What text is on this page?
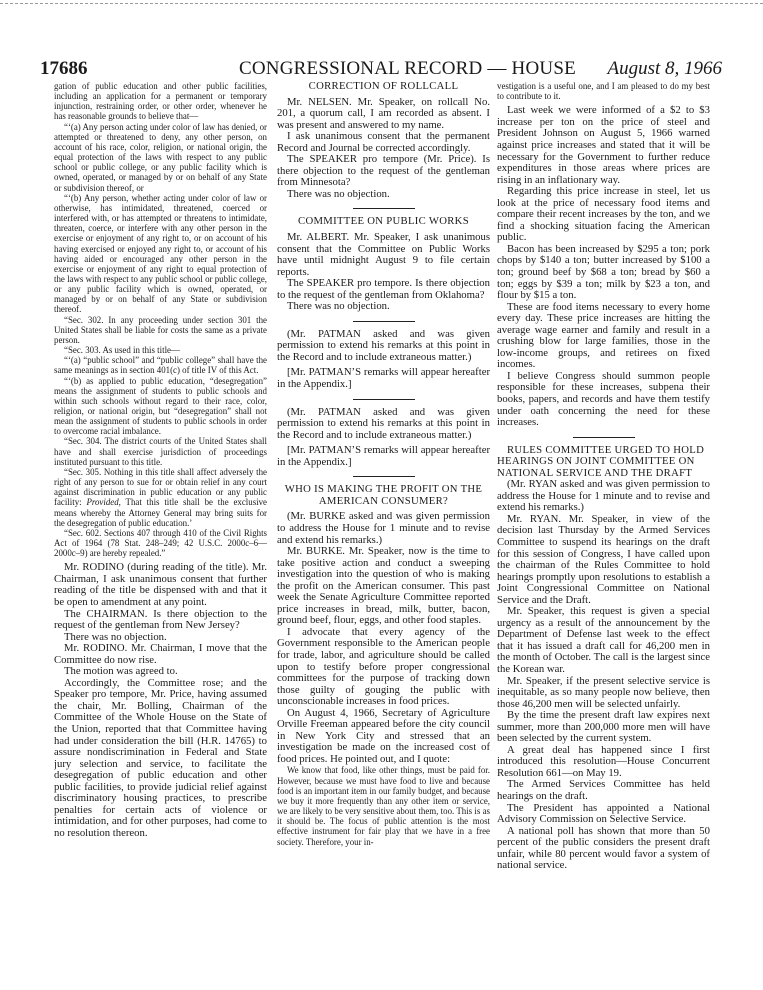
17686	CONGRESSIONAL RECORD — HOUSE August 8, 1966

gation of public education and other public facilities, including an application for a permanent or temporary injunction, restraining order, or other order, whenever he has reasonable grounds to believe that—

“‘(a) Any person acting under color of law has denied, or attempted or threatened to deny, any other person, on account of his race, color, religion, or national origin, the equal protection of the laws with respect to any public school or public college, or any public facility which is owned, operated, or managed by or on behalf of any State or subdivision thereof, or

“‘(b) Any person, whether acting under color of law or otherwise, has intimidated, threatened, coerced or interfered with, or has attempted or threatens to intimidate, threaten, coerce, or interfere with any other person in the exercise or enjoyment of any right to, or on account of his having exercised or enjoyed any right to, or account of his having aided or encouraged any other person in the exercise or enjoyment of any right to equal protection of the laws with respect to any public school or public college, or any public facility which is owned, operated, or managed by or on behalf of any State or subdivision thereof.

“Sec. 302. In any proceeding under section 301 the United States shall be liable for costs the same as a private person.

“Sec. 303. As used in this title—

“‘(a) “public school” and “public college” shall have the same meanings as in section 401(c) of title IV of this Act.

“‘(b) as applied to public education, “desegregation” means the assignment of students to public schools and within such schools without regard to their race, color, religion, or national origin, but “desegregation” shall not mean the assignment of students to public schools in order to overcome racial imbalance.

“Sec. 304. The district courts of the United States shall have and shall exercise jurisdiction of proceedings instituted pursuant to this title.

“Sec. 305. Nothing in this title shall affect adversely the right of any person to sue for or obtain relief in any court against discrimination in public education or any public facility: Provided, That this title shall be the exclusive means whereby the Attorney General may bring suits for the desegregation of public education.’

“Sec. 602. Sections 407 through 410 of the Civil Rights Act of 1964 (78 Stat. 248–249; 42 U.S.C. 2000c–6—2000c–9) are hereby repealed.”

Mr. RODINO (during reading of the title). Mr. Chairman, I ask unanimous consent that further reading of the title be dispensed with and that it be open to amendment at any point.

The CHAIRMAN. Is there objection to the request of the gentleman from New Jersey?

There was no objection.

Mr. RODINO. Mr. Chairman, I move that the Committee do now rise.

The motion was agreed to.

Accordingly, the Committee rose; and the Speaker pro tempore, Mr. Price, having assumed the chair, Mr. Bolling, Chairman of the Committee of the Whole House on the State of the Union, reported that that Committee having had under consideration the bill (H.R. 14765) to assure nondiscrimination in Federal and State jury selection and service, to facilitate the desegregation of public education and other public facilities, to provide judicial relief against discriminatory housing practices, to prescribe penalties for certain acts of violence or intimidation, and for other purposes, had come to no resolution thereon.

CORRECTION OF ROLLCALL

Mr. NELSEN. Mr. Speaker, on rollcall No. 201, a quorum call, I am recorded as absent. I was present and answered to my name.

I ask unanimous consent that the permanent Record and Journal be corrected accordingly.

The SPEAKER pro tempore (Mr. Price). Is there objection to the request of the gentleman from Minnesota?

There was no objection.

COMMITTEE ON PUBLIC WORKS

Mr. ALBERT. Mr. Speaker, I ask unanimous consent that the Committee on Public Works have until midnight August 9 to file certain reports.

The SPEAKER pro tempore. Is there objection to the request of the gentleman from Oklahoma?

There was no objection.

(Mr. PATMAN asked and was given permission to extend his remarks at this point in the Record and to include extraneous matter.)

[Mr. PATMAN’S remarks will appear hereafter in the Appendix.]

(Mr. PATMAN asked and was given permission to extend his remarks at this point in the Record and to include extraneous matter.)

[Mr. PATMAN’S remarks will appear hereafter in the Appendix.]

WHO IS MAKING THE PROFIT ON THE AMERICAN CONSUMER?

(Mr. BURKE asked and was given permission to address the House for 1 minute and to revise and extend his remarks.)

Mr. BURKE. Mr. Speaker, now is the time to take positive action and conduct a sweeping investigation into the question of who is making the profit on the American consumer. This past week the Senate Agriculture Committee reported price increases in bread, milk, butter, bacon, ground beef, flour, eggs, and other food staples.

I advocate that every agency of the Government responsible to the American people for trade, labor, and agriculture should be called upon to testify before proper congressional committees for the purpose of tracking down those guilty of gouging the public with unconscionable increases in food prices.

On August 4, 1966, Secretary of Agriculture Orville Freeman appeared before the city council in New York City and stressed that an investigation be made on the increased cost of food prices. He pointed out, and I quote:

We know that food, like other things, must be paid for. However, because we must have food to live and because food is an important item in our family budget, and because we buy it more frequently than any other item or service, we are likely to be very sensitive about them, too. This is as it should be. The focus of public attention is the most effective instrument for fair play that we have in a free society. Therefore, your in-

vestigation is a useful one, and I am pleased to do my best to contribute to it.

Last week we were informed of a $2 to $3 increase per ton on the price of steel and President Johnson on August 5, 1966 warned against price increases and stated that it will be necessary for the Government to further reduce expenditures in those areas where prices are rising in an inflationary way.

Regarding this price increase in steel, let us look at the price of necessary food items and compare their recent increases by the ton, and we find a shocking situation facing the American public.

Bacon has been increased by $295 a ton; pork chops by $140 a ton; butter increased by $100 a ton; ground beef by $68 a ton; bread by $60 a ton; eggs by $39 a ton; milk by $23 a ton, and flour by $15 a ton.

These are food items necessary to every home every day. These price increases are hitting the average wage earner and family and result in a crushing blow for large families, those in the low-income groups, and retirees on fixed incomes.

I believe Congress should summon people responsible for these increases, subpena their books, papers, and records and have them testify under oath concerning the need for these increases.

RULES COMMITTEE URGED TO HOLD HEARINGS ON JOINT COMMITTEE ON NATIONAL SERVICE AND THE DRAFT

(Mr. RYAN asked and was given permission to address the House for 1 minute and to revise and extend his remarks.)

Mr. RYAN. Mr. Speaker, in view of the decision last Thursday by the Armed Services Committee to suspend its hearings on the draft for this session of Congress, I have called upon the chairman of the Rules Committee to hold hearings promptly upon resolutions to establish a Joint Congressional Committee on National Service and the Draft.

Mr. Speaker, this request is given a special urgency as a result of the announcement by the Department of Defense last week to the effect that it has issued a draft call for 46,200 men in the month of October. The call is the largest since the Korean war.

Mr. Speaker, if the present selective service is inequitable, as so many people now believe, then those 46,200 men will be selected unfairly.

By the time the present draft law expires next summer, more than 200,000 more men will have been selected by the current system.

A great deal has happened since I first introduced this resolution—House Concurrent Resolution 661—on May 19.

The Armed Services Committee has held hearings on the draft.

The President has appointed a National Advisory Commission on Selective Service.

A national poll has shown that more than 50 percent of the public considers the present draft unfair, while 80 percent would favor a system of national service.
